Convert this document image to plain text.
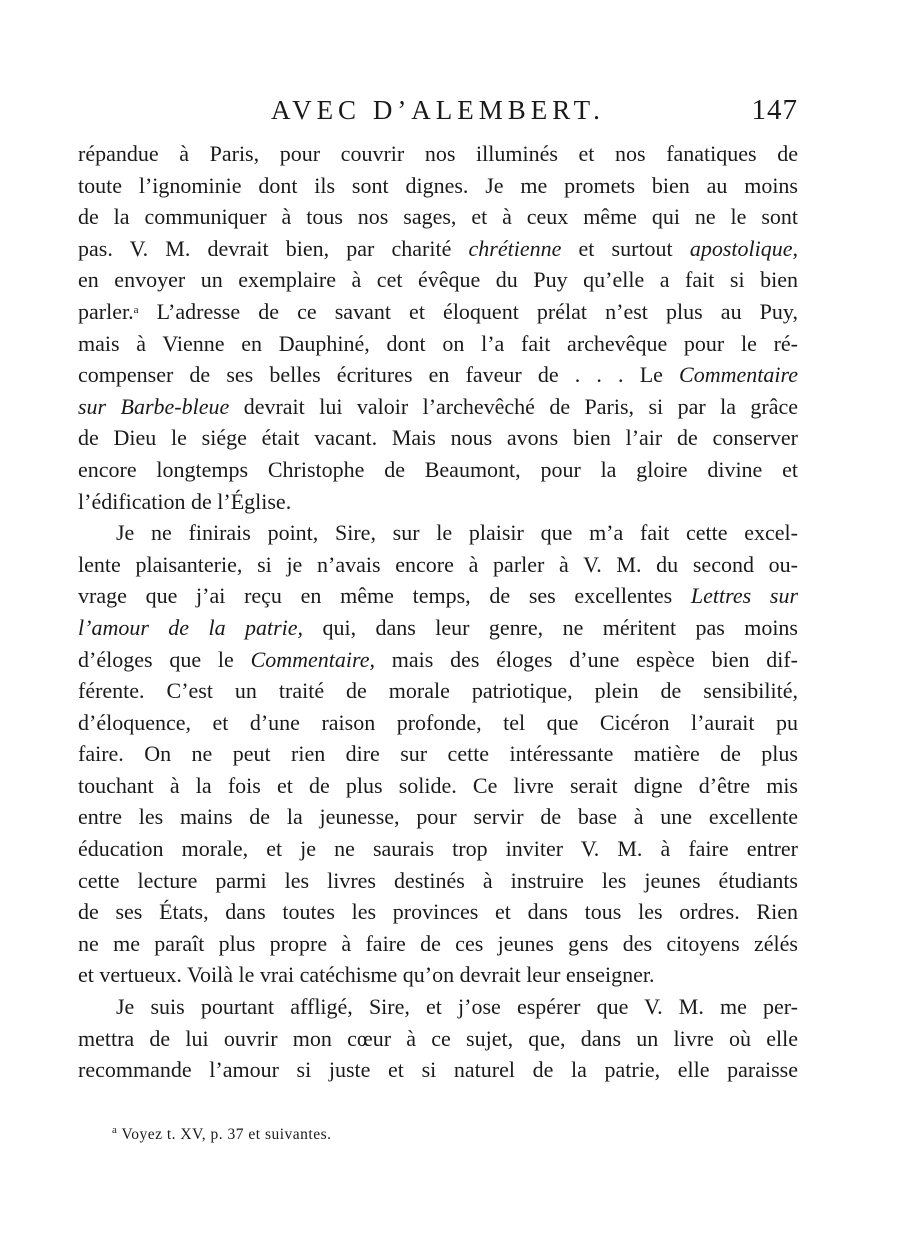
AVEC D’ALEMBERT.	147
répandue à Paris, pour couvrir nos illuminés et nos fanatiques de
toute l’ignominie dont ils sont dignes. Je me promets bien au moins
de la communiquer à tous nos sages, et à ceux même qui ne le sont
pas. V. M. devrait bien, par charité chrétienne et surtout apostolique,
en envoyer un exemplaire à cet évêque du Puy qu’elle a fait si bien
parler.$^a$ L’adresse de ce savant et éloquent prélat n’est plus au Puy,
mais à Vienne en Dauphiné, dont on l’a fait archevêque pour le ré-
compenser de ses belles écritures en faveur de . . . Le Commentaire
sur Barbe-bleue devrait lui valoir l’archevêché de Paris, si par la grâce
de Dieu le siége était vacant. Mais nous avons bien l’air de conserver
encore longtemps Christophe de Beaumont, pour la gloire divine et
l’édification de l’Église.
Je ne finirais point, Sire, sur le plaisir que m’a fait cette excel-
lente plaisanterie, si je n’avais encore à parler à V. M. du second ou-
vrage que j’ai reçu en même temps, de ses excellentes Lettres sur
l’amour de la patrie, qui, dans leur genre, ne méritent pas moins
d’éloges que le Commentaire, mais des éloges d’une espèce bien dif-
férente. C’est un traité de morale patriotique, plein de sensibilité,
d’éloquence, et d’une raison profonde, tel que Cicéron l’aurait pu
faire. On ne peut rien dire sur cette intéressante matière de plus
touchant à la fois et de plus solide. Ce livre serait digne d’être mis
entre les mains de la jeunesse, pour servir de base à une excellente
éducation morale, et je ne saurais trop inviter V. M. à faire entrer
cette lecture parmi les livres destinés à instruire les jeunes étudiants
de ses États, dans toutes les provinces et dans tous les ordres. Rien
ne me paraît plus propre à faire de ces jeunes gens des citoyens zélés
et vertueux. Voilà le vrai catéchisme qu’on devrait leur enseigner.
Je suis pourtant affligé, Sire, et j’ose espérer que V. M. me per-
mettra de lui ouvrir mon cœur à ce sujet, que, dans un livre où elle
recommande l’amour si juste et si naturel de la patrie, elle paraisse
$^a$ Voyez t. XV, p. 37 et suivantes.
